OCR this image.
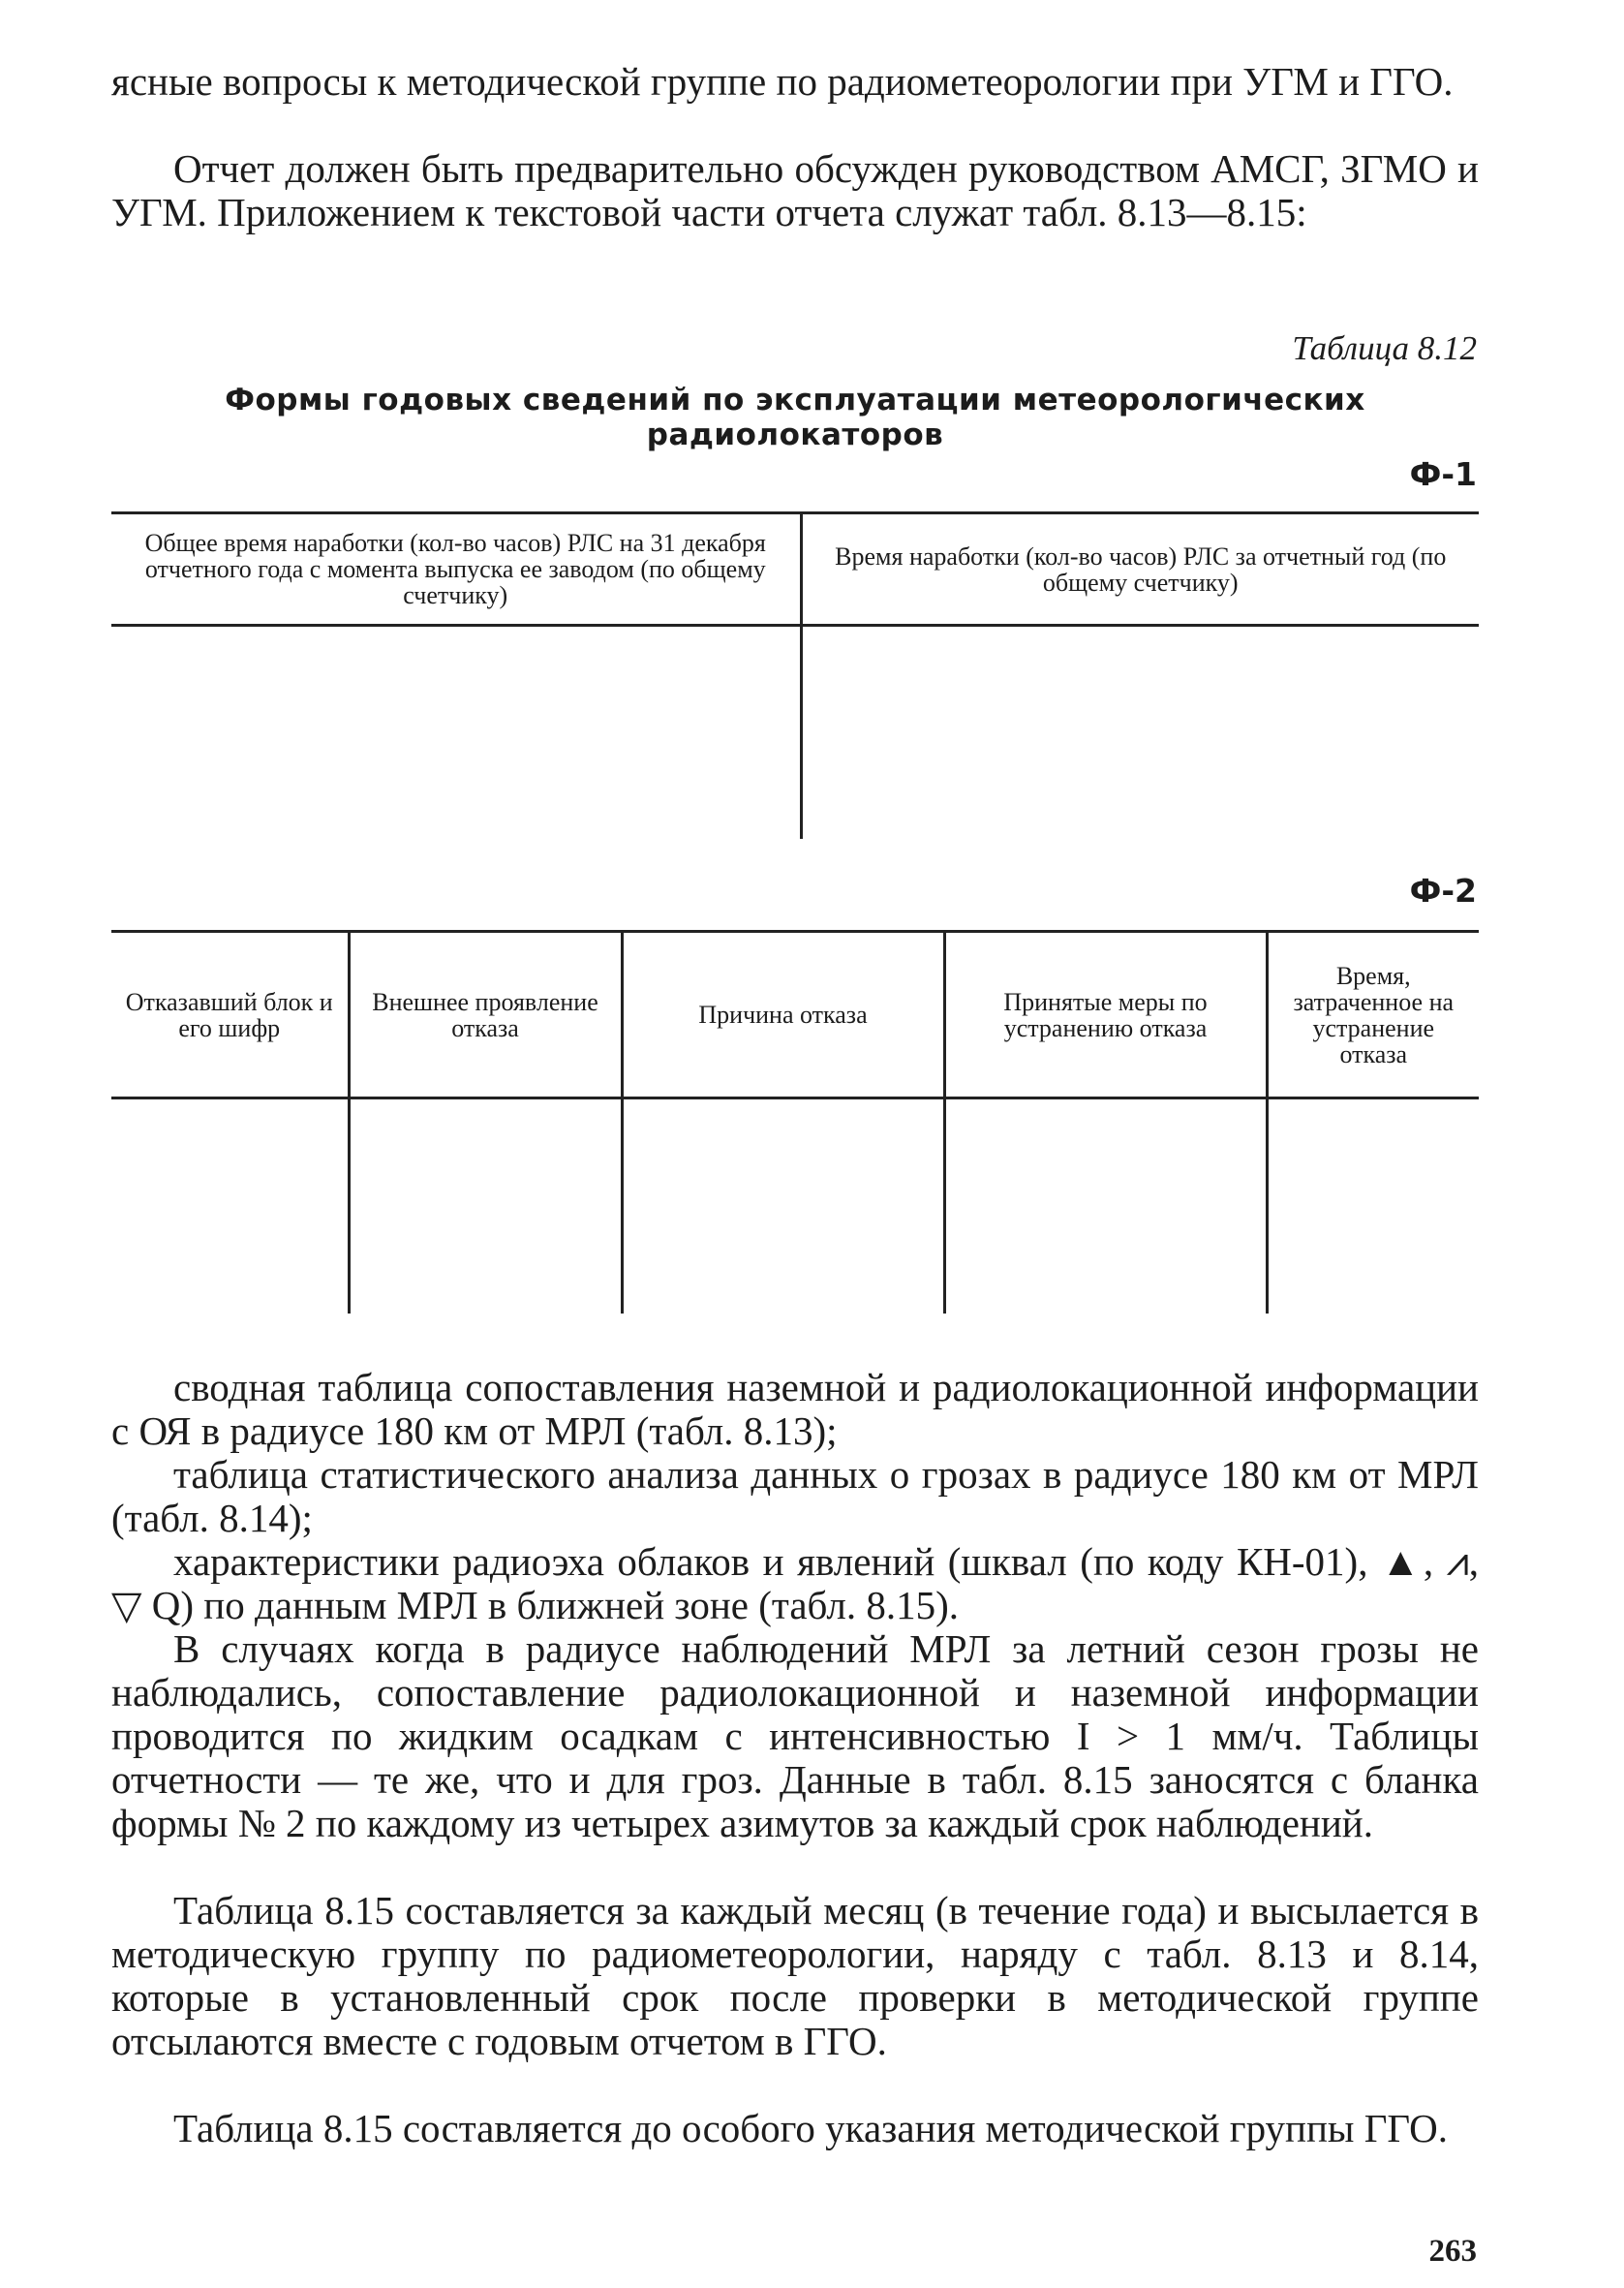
ясные вопросы к методической группе по радиометеорологии при УГМ и ГГО.

Отчет должен быть предварительно обсужден руководством АМСГ, ЗГМО и УГМ. Приложением к текстовой части отчета служат табл. 8.13—8.15:

Таблица 8.12

Формы годовых сведений по эксплуатации метеорологических радиолокаторов

Ф-1

Общее время наработки (кол-во часов) РЛС на 31 декабря отчетного года с момента выпуска ее заводом (по общему счетчику)	Время наработки (кол-во часов) РЛС за отчетный год (по общему счетчику)

Ф-2

Отказавший блок и его шифр	Внешнее проявление отказа	Причина отказа	Принятые меры по устранению отказа	Время, затраченное на устранение отказа

сводная таблица сопоставления наземной и радиолокационной информации с ОЯ в радиусе 180 км от МРЛ (табл. 8.13);

таблица статистического анализа данных о грозах в радиусе 180 км от МРЛ (табл. 8.14);

характеристики радиоэха облаков и явлений (шквал (по коду КН-01), ▲, ⩘, ▽ Q) по данным МРЛ в ближней зоне (табл. 8.15).

В случаях когда в радиусе наблюдений МРЛ за летний сезон грозы не наблюдались, сопоставление радиолокационной и наземной информации проводится по жидким осадкам с интенсивностью I > 1 мм/ч. Таблицы отчетности — те же, что и для гроз. Данные в табл. 8.15 заносятся с бланка формы № 2 по каждому из четырех азимутов за каждый срок наблюдений.

Таблица 8.15 составляется за каждый месяц (в течение года) и высылается в методическую группу по радиометеорологии, наряду с табл. 8.13 и 8.14, которые в установленный срок после проверки в методической группе отсылаются вместе с годовым отчетом в ГГО.

Таблица 8.15 составляется до особого указания методической группы ГГО.

263
